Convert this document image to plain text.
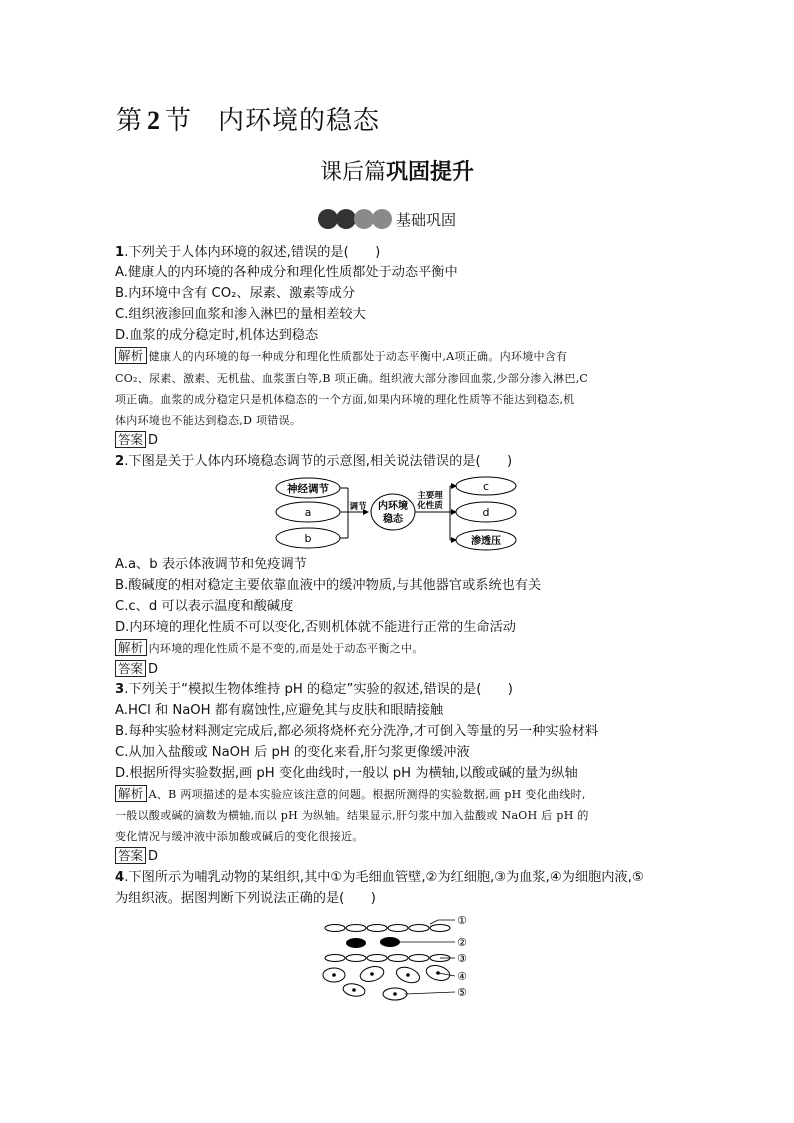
第 2 节 内环境的稳态
课后篇巩固提升
基础巩固
1.下列关于人体内环境的叙述,错误的是(　　)
A.健康人的内环境的各种成分和理化性质都处于动态平衡中
B.内环境中含有 CO₂、尿素、激素等成分
C.组织液渗回血浆和渗入淋巴的量相差较大
D.血浆的成分稳定时,机体达到稳态
解析 健康人的内环境的每一种成分和理化性质都处于动态平衡中,A项正确。内环境中含有
CO₂、尿素、激素、无机盐、血浆蛋白等,B 项正确。组织液大部分渗回血浆,少部分渗入淋巴,C
项正确。血浆的成分稳定只是机体稳态的一个方面,如果内环境的理化性质等不能达到稳态,机
体内环境也不能达到稳态,D 项错误。
答案 D
2.下图是关于人体内环境稳态调节的示意图,相关说法错误的是(　　)
神经调节
a
b
调节 内环境
稳态
主要理
化性质
c
d
渗透压
A.a、b 表示体液调节和免疫调节
B.酸碱度的相对稳定主要依靠血液中的缓冲物质,与其他器官或系统也有关
C.c、d 可以表示温度和酸碱度
D.内环境的理化性质不可以变化,否则机体就不能进行正常的生命活动
解析 内环境的理化性质不是不变的,而是处于动态平衡之中。
答案 D
3.下列关于“模拟生物体维持 pH 的稳定”实验的叙述,错误的是(　　)
A.HCl 和 NaOH 都有腐蚀性,应避免其与皮肤和眼睛接触
B.每种实验材料测定完成后,都必须将烧杯充分洗净,才可倒入等量的另一种实验材料
C.从加入盐酸或 NaOH 后 pH 的变化来看,肝匀浆更像缓冲液
D.根据所得实验数据,画 pH 变化曲线时,一般以 pH 为横轴,以酸或碱的量为纵轴
解析 A、B 两项描述的是本实验应该注意的问题。根据所测得的实验数据,画 pH 变化曲线时,
一般以酸或碱的滴数为横轴,而以 pH 为纵轴。结果显示,肝匀浆中加入盐酸或 NaOH 后 pH 的
变化情况与缓冲液中添加酸或碱后的变化很接近。
答案 D
4.下图所示为哺乳动物的某组织,其中①为毛细血管壁,②为红细胞,③为血浆,④为细胞内液,⑤
为组织液。据图判断下列说法正确的是(　　)
①
②
③
④
⑤
